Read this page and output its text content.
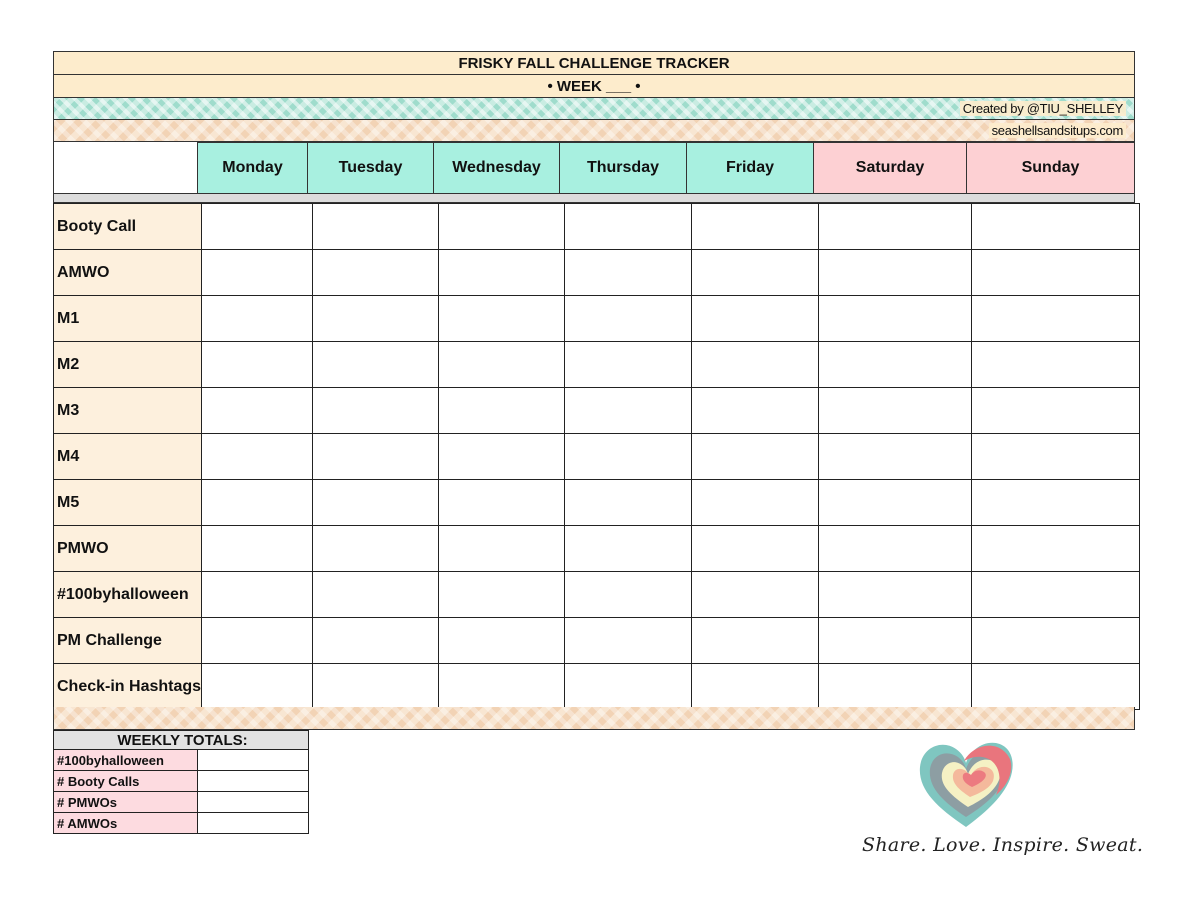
FRISKY FALL CHALLENGE TRACKER
• WEEK ___ •
Created by @TIU_SHELLEY
seashellsandsitups.com
Monday	Tuesday	Wednesday	Thursday	Friday	Saturday	Sunday
Booty Call							
AMWO							
M1							
M2							
M3							
M4							
M5							
PMWO							
#100byhalloween							
PM Challenge							
Check-in Hashtags							
WEEKLY TOTALS:	
#100byhalloween	
# Booty Calls	
# PMWOs	
# AMWOs	
Share. Love. Inspire. Sweat.
